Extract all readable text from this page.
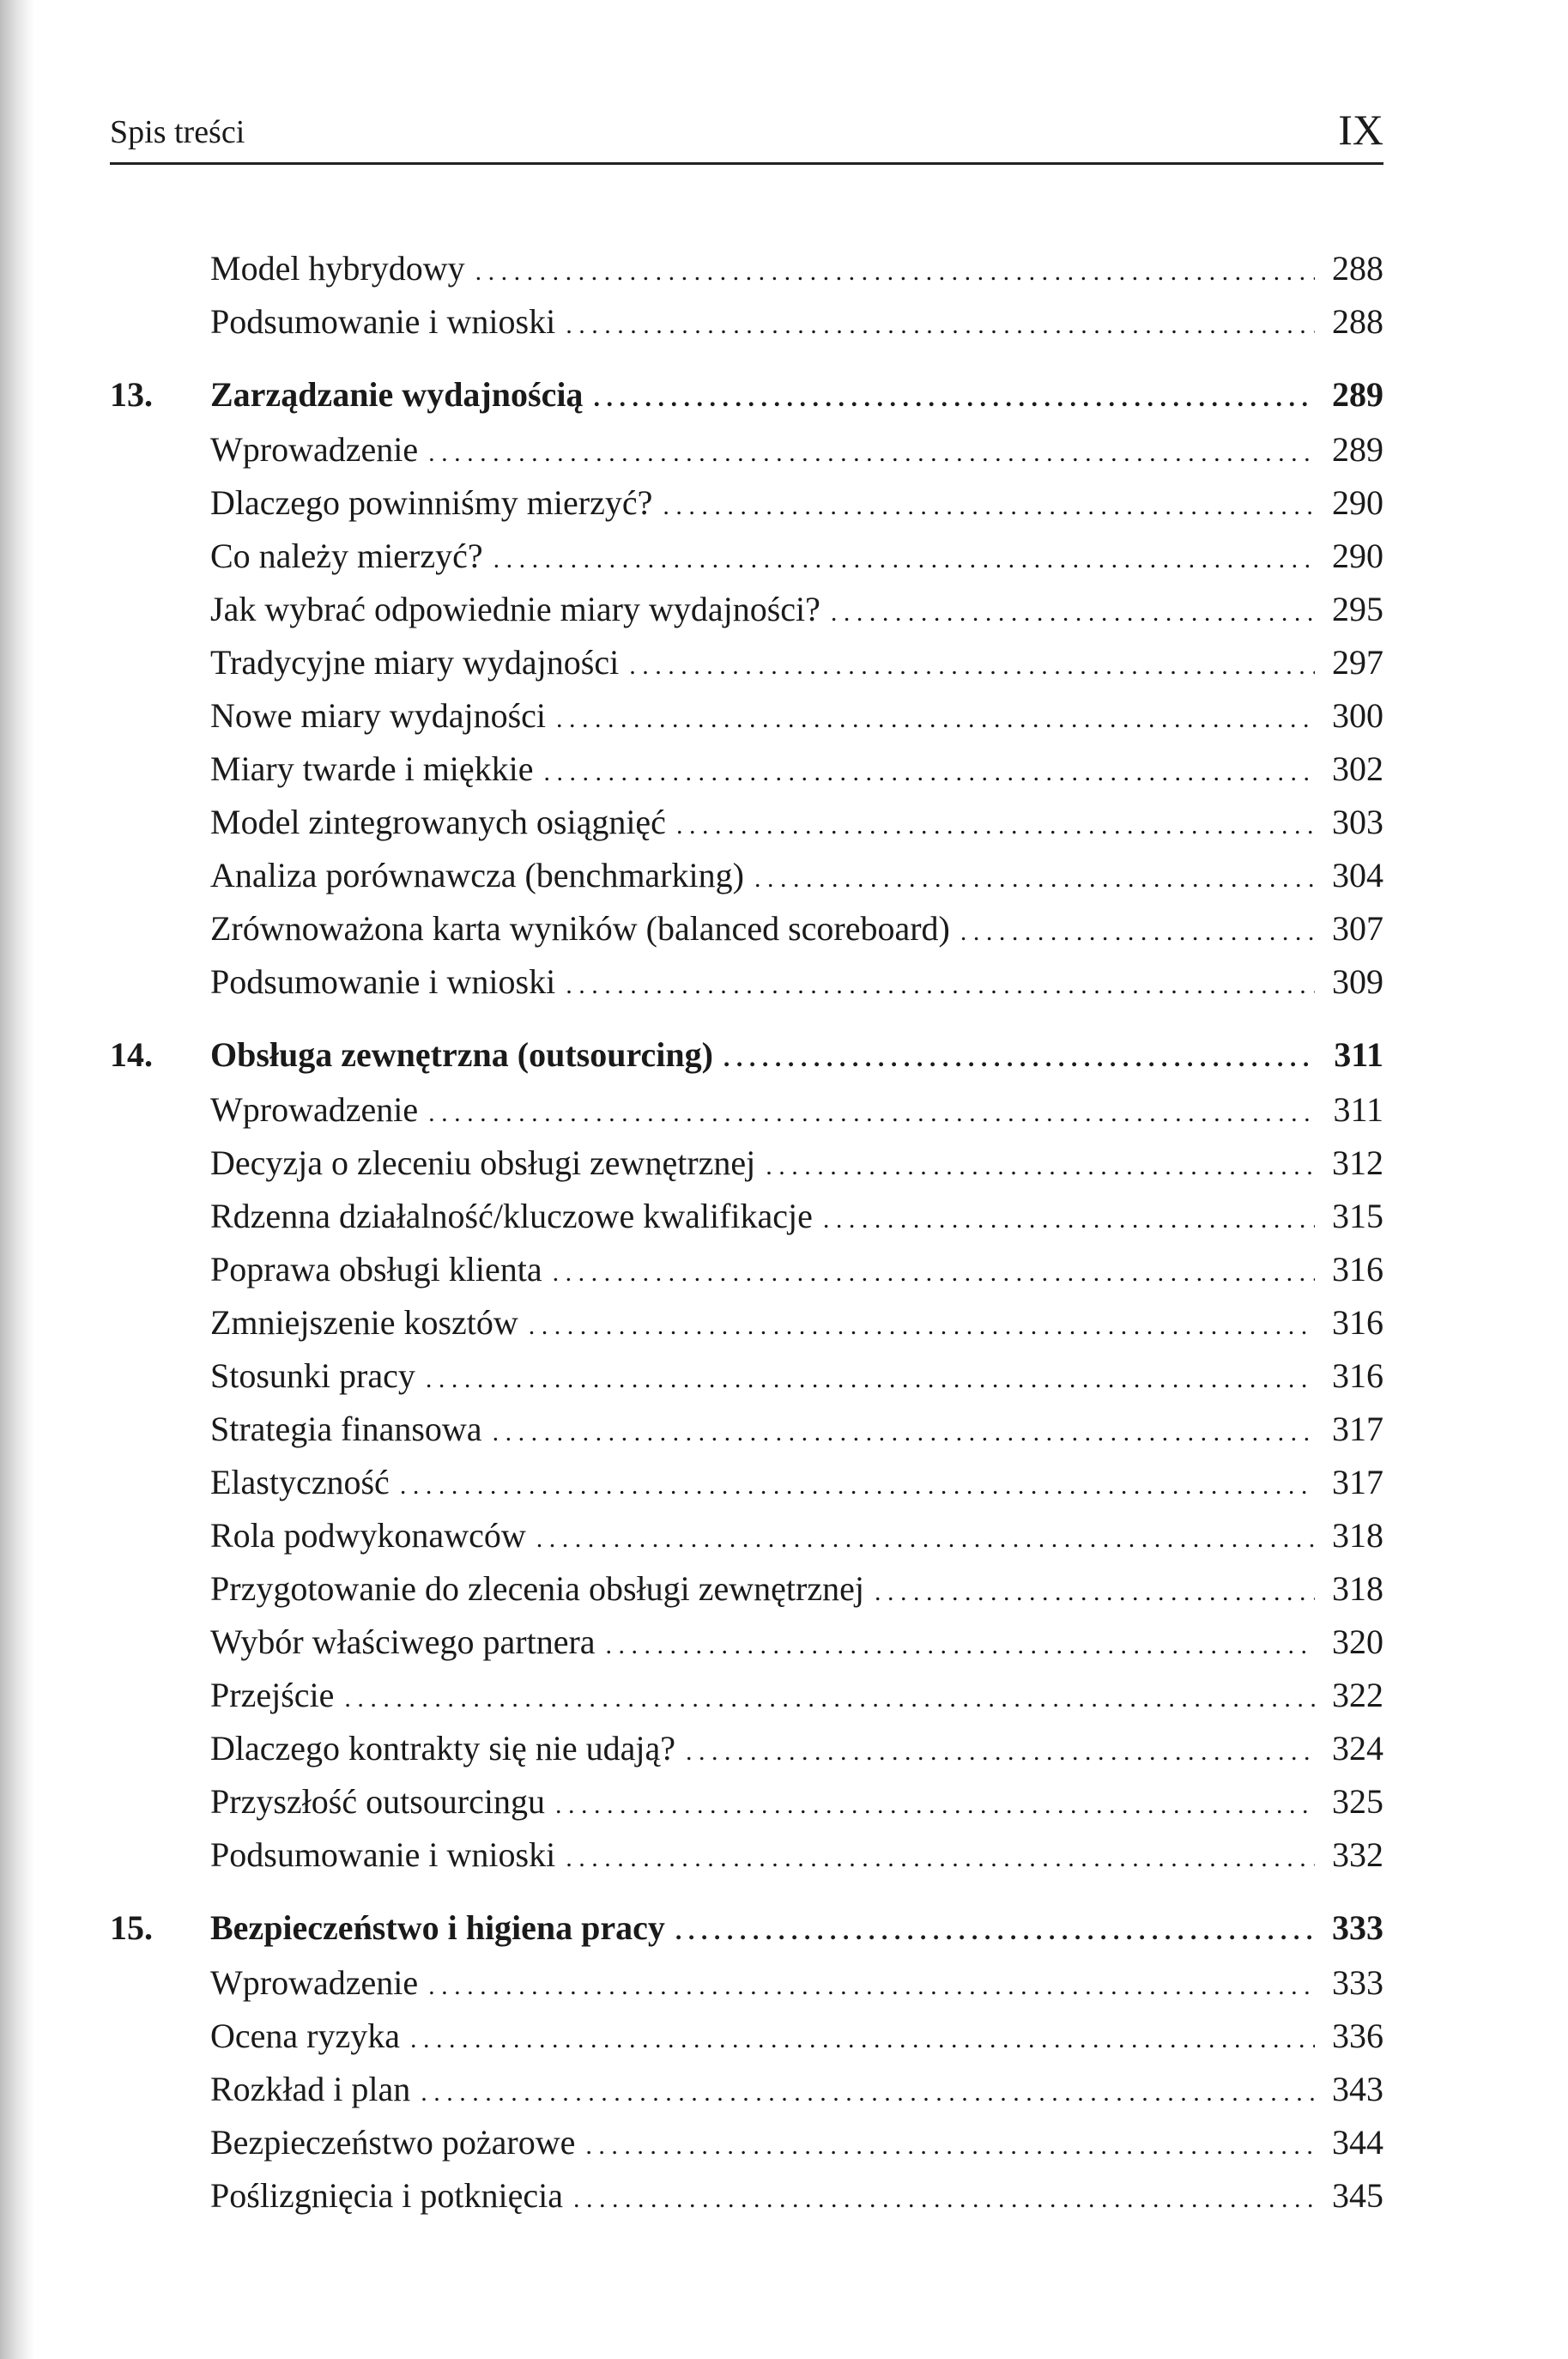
Spis treści	IX
Model hybrydowy . . .	288
Podsumowanie i wnioski . . .	288
13.	Zarządzanie wydajnością . . .	289
Wprowadzenie . . .	289
Dlaczego powinniśmy mierzyć? . . .	290
Co należy mierzyć? . . .	290
Jak wybrać odpowiednie miary wydajności? . . .	295
Tradycyjne miary wydajności . . .	297
Nowe miary wydajności . . .	300
Miary twarde i miękkie . . .	302
Model zintegrowanych osiągnięć . . .	303
Analiza porównawcza (benchmarking) . . .	304
Zrównoważona karta wyników (balanced scoreboard) . . .	307
Podsumowanie i wnioski . . .	309
14.	Obsługa zewnętrzna (outsourcing) . . .	311
Wprowadzenie . . .	311
Decyzja o zleceniu obsługi zewnętrznej . . .	312
Rdzenna działalność/kluczowe kwalifikacje . . .	315
Poprawa obsługi klienta . . .	316
Zmniejszenie kosztów . . .	316
Stosunki pracy . . .	316
Strategia finansowa . . .	317
Elastyczność . . .	317
Rola podwykonawców . . .	318
Przygotowanie do zlecenia obsługi zewnętrznej . . .	318
Wybór właściwego partnera . . .	320
Przejście . . .	322
Dlaczego kontrakty się nie udają? . . .	324
Przyszłość outsourcingu . . .	325
Podsumowanie i wnioski . . .	332
15.	Bezpieczeństwo i higiena pracy . . .	333
Wprowadzenie . . .	333
Ocena ryzyka . . .	336
Rozkład i plan . . .	343
Bezpieczeństwo pożarowe . . .	344
Poślizgnięcia i potknięcia . . .	345
